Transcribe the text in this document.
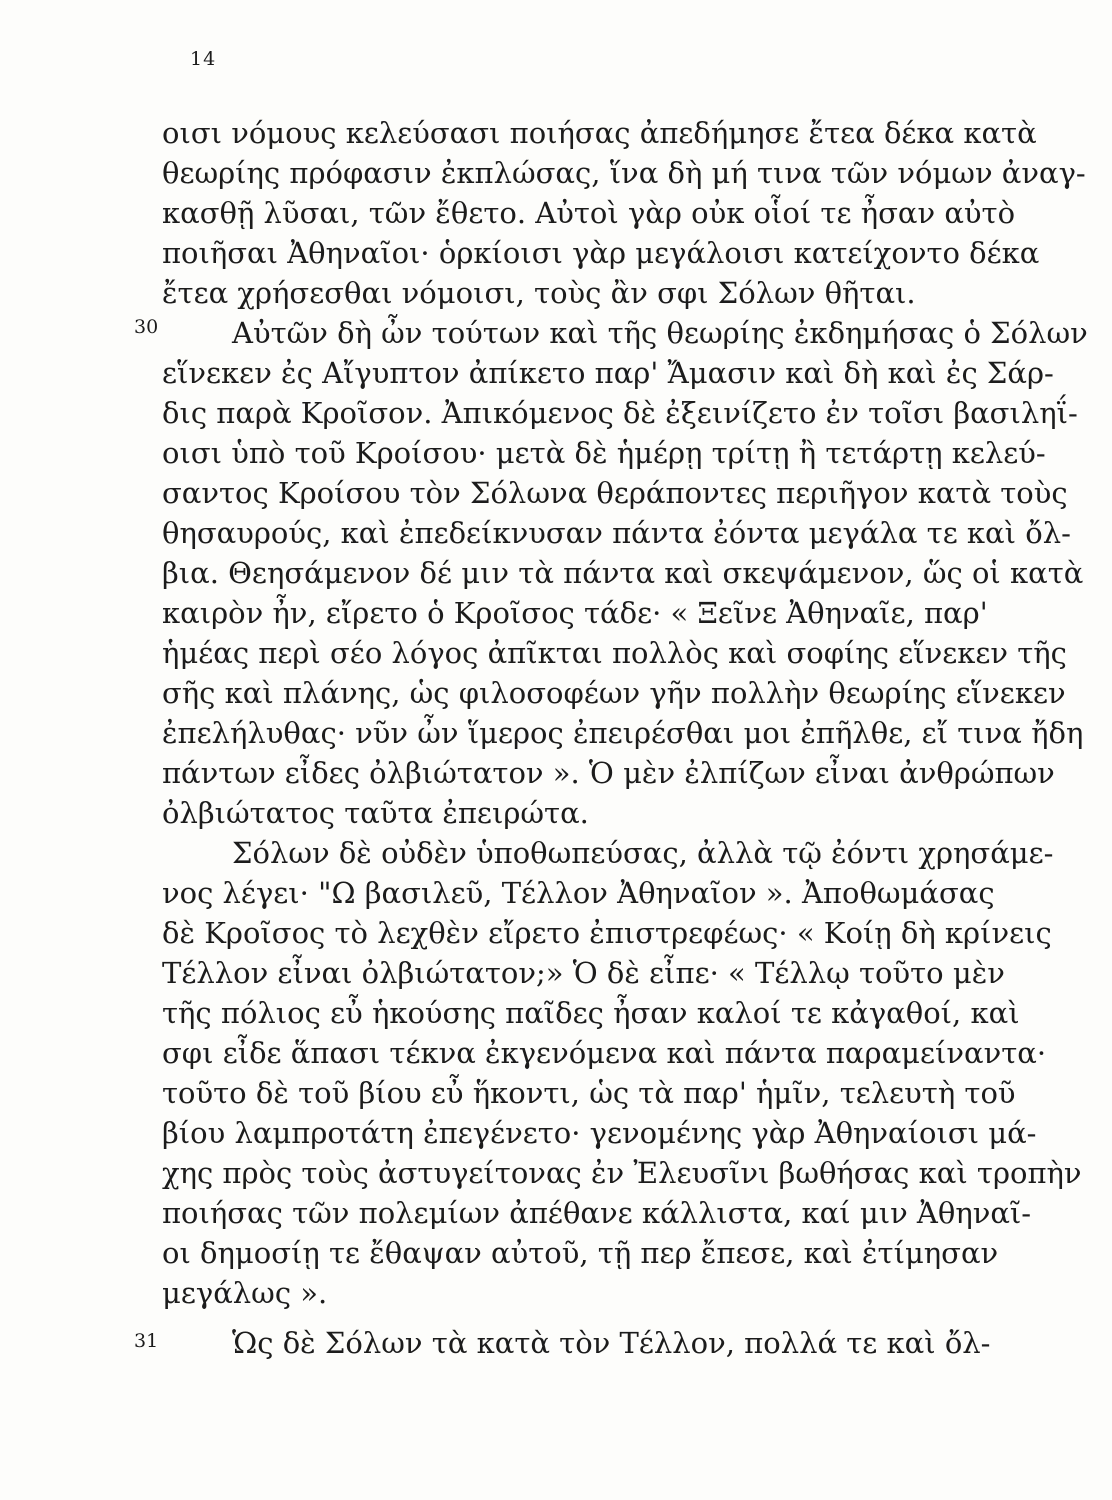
14
30
31
οισι νόμους κελεύσασι ποιήσας ἀπεδήμησε ἔτεα δέκα κατὰ
θεωρίης πρόφασιν ἐκπλώσας, ἵνα δὴ μή τινα τῶν νόμων ἀναγ-
κασθῇ λῦσαι, τῶν ἔθετο. Αὐτοὶ γὰρ οὐκ οἷοί τε ἦσαν αὐτὸ
ποιῆσαι Ἀθηναῖοι· ὁρκίοισι γὰρ μεγάλοισι κατείχοντο δέκα
ἔτεα χρήσεσθαι νόμοισι, τοὺς ἂν σφι Σόλων θῆται.
Αὐτῶν δὴ ὦν τούτων καὶ τῆς θεωρίης ἐκδημήσας ὁ Σόλων
εἵνεκεν ἐς Αἴγυπτον ἀπίκετο παρ' Ἄμασιν καὶ δὴ καὶ ἐς Σάρ-
δις παρὰ Κροῖσον. Ἀπικόμενος δὲ ἐξεινίζετο ἐν τοῖσι βασιληΐ-
οισι ὑπὸ τοῦ Κροίσου· μετὰ δὲ ἡμέρῃ τρίτῃ ἢ τετάρτῃ κελεύ-
σαντος Κροίσου τὸν Σόλωνα θεράποντες περιῆγον κατὰ τοὺς
θησαυρούς, καὶ ἐπεδείκνυσαν πάντα ἐόντα μεγάλα τε καὶ ὄλ-
βια. Θεησάμενον δέ μιν τὰ πάντα καὶ σκεψάμενον, ὥς οἱ κατὰ
καιρὸν ἦν, εἴρετο ὁ Κροῖσος τάδε· « Ξεῖνε Ἀθηναῖε, παρ'
ἡμέας περὶ σέο λόγος ἀπῖκται πολλὸς καὶ σοφίης εἵνεκεν τῆς
σῆς καὶ πλάνης, ὡς φιλοσοφέων γῆν πολλὴν θεωρίης εἵνεκεν
ἐπελήλυθας· νῦν ὦν ἵμερος ἐπειρέσθαι μοι ἐπῆλθε, εἴ τινα ἤδη
πάντων εἶδες ὀλβιώτατον ». Ὁ μὲν ἐλπίζων εἶναι ἀνθρώπων
ὀλβιώτατος ταῦτα ἐπειρώτα.
Σόλων δὲ οὐδὲν ὑποθωπεύσας, ἀλλὰ τῷ ἐόντι χρησάμε-
νος λέγει· "Ω βασιλεῦ, Τέλλον Ἀθηναῖον ». Ἀποθωμάσας
δὲ Κροῖσος τὸ λεχθὲν εἴρετο ἐπιστρεφέως· « Κοίῃ δὴ κρίνεις
Τέλλον εἶναι ὀλβιώτατον;» Ὁ δὲ εἶπε· « Τέλλῳ τοῦτο μὲν
τῆς πόλιος εὖ ἡκούσης παῖδες ἦσαν καλοί τε κἀγαθοί, καὶ
σφι εἶδε ἅπασι τέκνα ἐκγενόμενα καὶ πάντα παραμείναντα·
τοῦτο δὲ τοῦ βίου εὖ ἥκοντι, ὡς τὰ παρ' ἡμῖν, τελευτὴ τοῦ
βίου λαμπροτάτη ἐπεγένετο· γενομένης γὰρ Ἀθηναίοισι μά-
χης πρὸς τοὺς ἀστυγείτονας ἐν Ἐλευσῖνι βωθήσας καὶ τροπὴν
ποιήσας τῶν πολεμίων ἀπέθανε κάλλιστα, καί μιν Ἀθηναῖ-
οι δημοσίῃ τε ἔθαψαν αὐτοῦ, τῇ περ ἔπεσε, καὶ ἐτίμησαν
μεγάλως ».
Ὡς δὲ Σόλων τὰ κατὰ τὸν Τέλλον, πολλά τε καὶ ὄλ-
